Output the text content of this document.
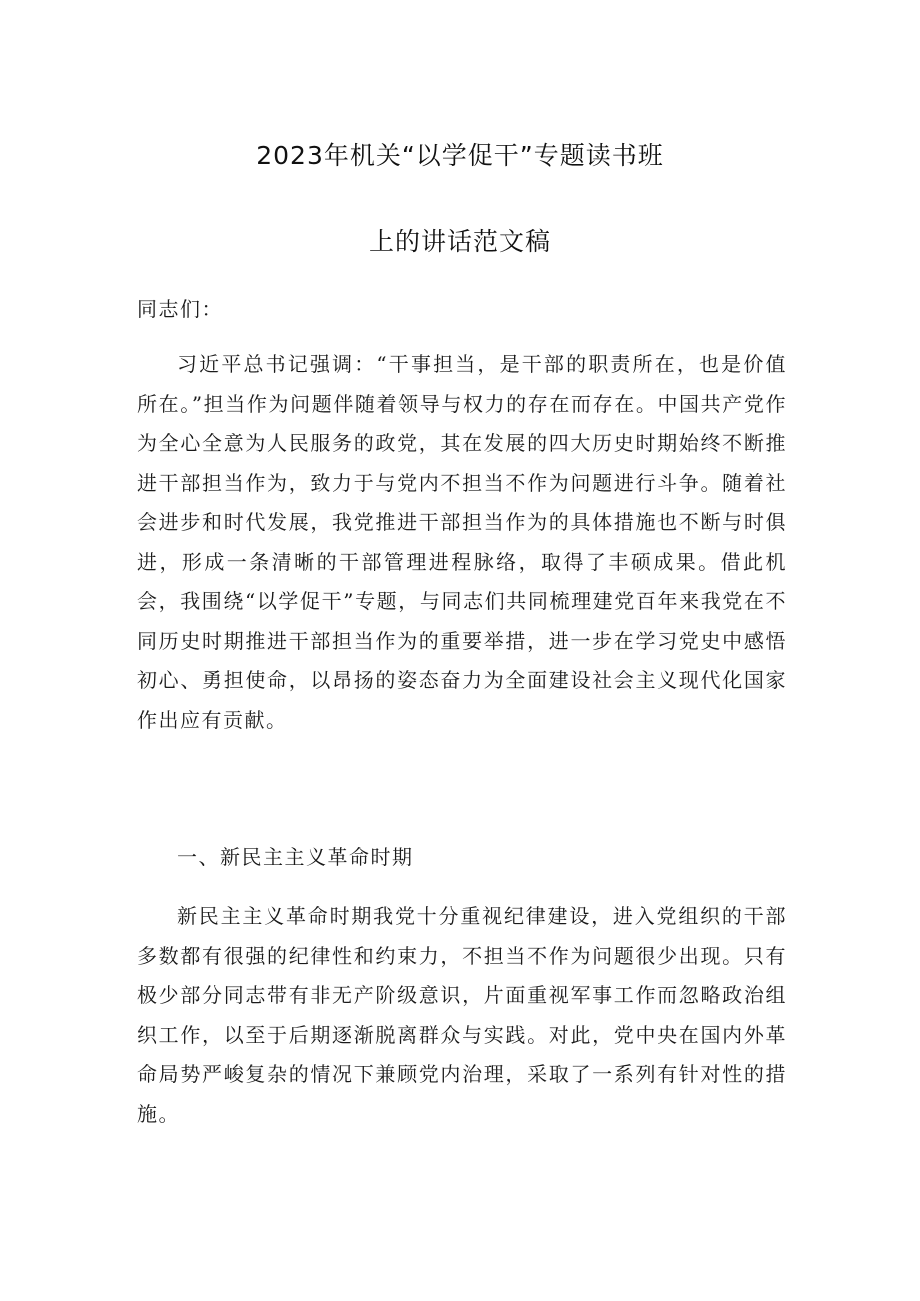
2023年机关“以学促干”专题读书班
上的讲话范文稿

同志们：

习近平总书记强调：“干事担当，是干部的职责所在，也是价值所在。”担当作为问题伴随着领导与权力的存在而存在。中国共产党作为全心全意为人民服务的政党，其在发展的四大历史时期始终不断推进干部担当作为，致力于与党内不担当不作为问题进行斗争。随着社会进步和时代发展，我党推进干部担当作为的具体措施也不断与时俱进，形成一条清晰的干部管理进程脉络，取得了丰硕成果。借此机会，我围绕“以学促干”专题，与同志们共同梳理建党百年来我党在不同历史时期推进干部担当作为的重要举措，进一步在学习党史中感悟初心、勇担使命，以昂扬的姿态奋力为全面建设社会主义现代化国家作出应有贡献。

一、新民主主义革命时期

新民主主义革命时期我党十分重视纪律建设，进入党组织的干部多数都有很强的纪律性和约束力，不担当不作为问题很少出现。只有极少部分同志带有非无产阶级意识，片面重视军事工作而忽略政治组织工作，以至于后期逐渐脱离群众与实践。对此，党中央在国内外革命局势严峻复杂的情况下兼顾党内治理，采取了一系列有针对性的措施。
